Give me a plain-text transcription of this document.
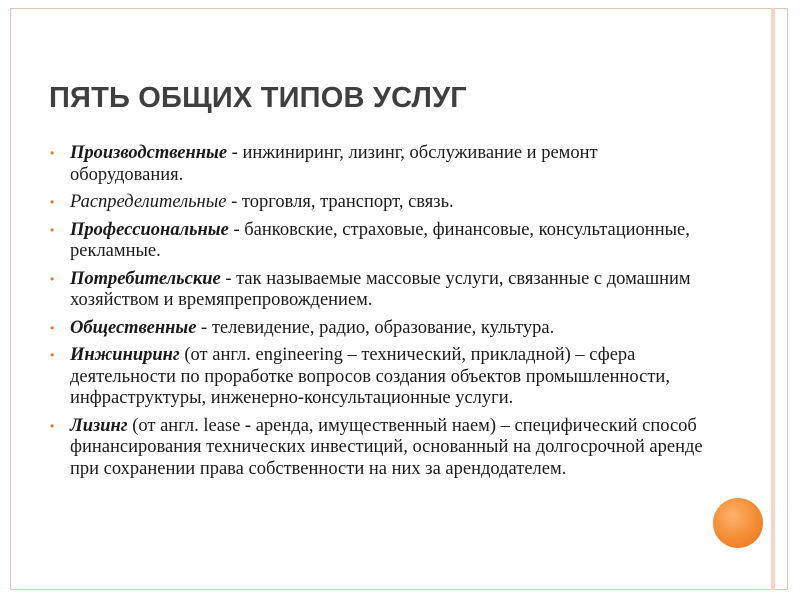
ПЯТЬ ОБЩИХ ТИПОВ УСЛУГ
• Производственные - инжиниринг, лизинг, обслуживание и ремонт оборудования.
• Распределительные - торговля, транспорт, связь.
• Профессиональные - банковские, страховые, финансовые, консультационные, рекламные.
• Потребительские - так называемые массовые услуги, связанные с домашним хозяйством и времяпрепровождением.
• Общественные - телевидение, радио, образование, культура.
• Инжиниринг (от англ. engineering – технический, прикладной) – сфера деятельности по проработке вопросов создания объектов промышленности, инфраструктуры, инженерно-консультационные услуги.
• Лизинг (от англ. lease - аренда, имущественный наем) – специфический способ финансирования технических инвестиций, основанный на долгосрочной аренде при сохранении права собственности на них за арендодателем.
